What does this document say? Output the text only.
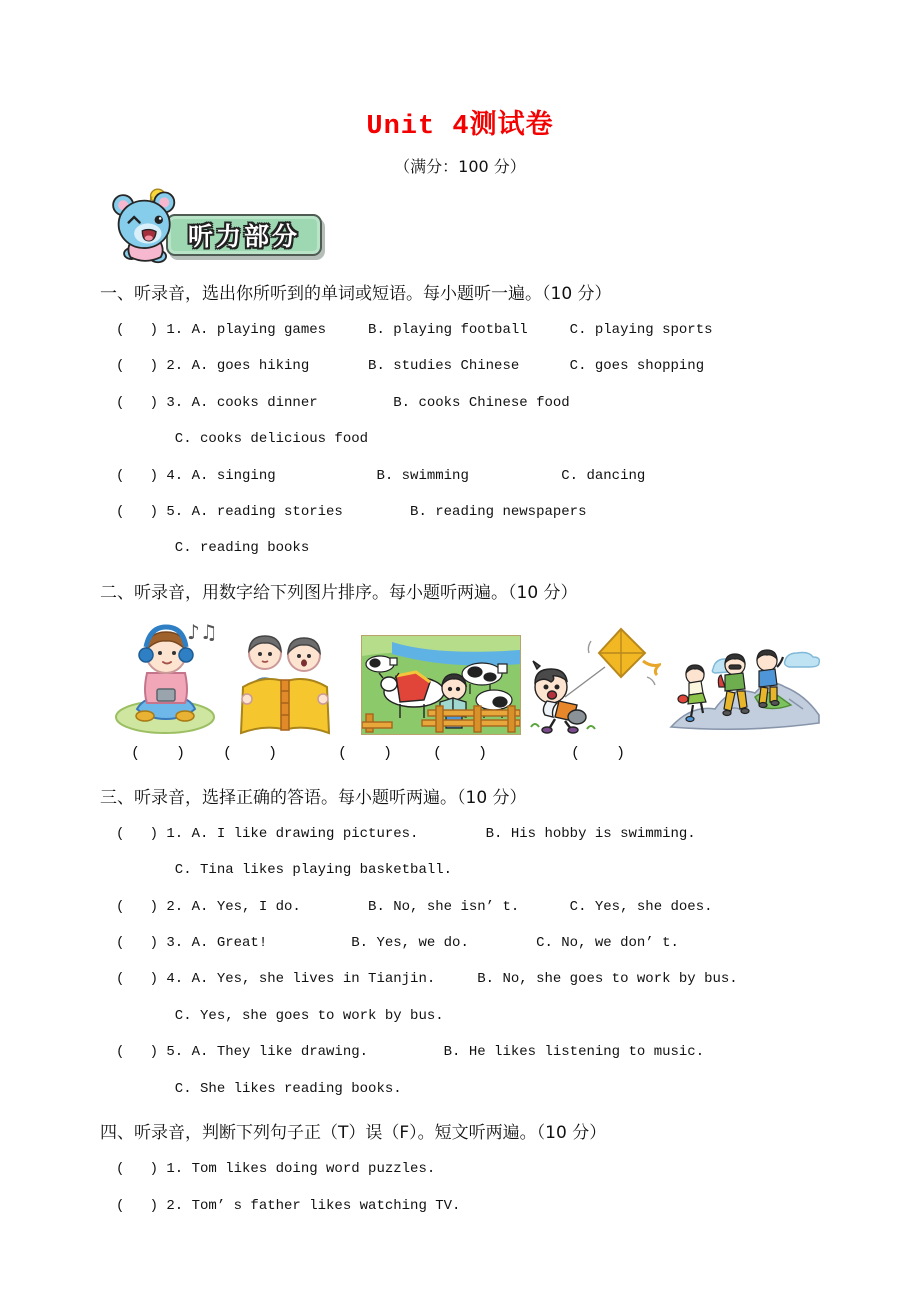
Unit 4测试卷
（满分：100 分）
听力部分
一、听录音，选出你所听到的单词或短语。每小题听一遍。（10 分）
(   ) 1. A. playing games     B. playing football     C. playing sports
(   ) 2. A. goes hiking       B. studies Chinese      C. goes shopping
(   ) 3. A. cooks dinner         B. cooks Chinese food
C. cooks delicious food
(   ) 4. A. singing            B. swimming           C. dancing
(   ) 5. A. reading stories        B. reading newspapers
C. reading books
二、听录音，用数字给下列图片排序。每小题听两遍。（10 分）
♪♫
(    )	(    )	(    )	(    )	(    )
三、听录音，选择正确的答语。每小题听两遍。（10 分）
(   ) 1. A. I like drawing pictures.        B. His hobby is swimming.
C. Tina likes playing basketball.
(   ) 2. A. Yes, I do.        B. No, she isn’ t.      C. Yes, she does.
(   ) 3. A. Great!          B. Yes, we do.        C. No, we don’ t.
(   ) 4. A. Yes, she lives in Tianjin.     B. No, she goes to work by bus.
C. Yes, she goes to work by bus.
(   ) 5. A. They like drawing.         B. He likes listening to music.
C. She likes reading books.
四、听录音，判断下列句子正（T）误（F）。短文听两遍。（10 分）
(   ) 1. Tom likes doing word puzzles.
(   ) 2. Tom’ s father likes watching TV.
